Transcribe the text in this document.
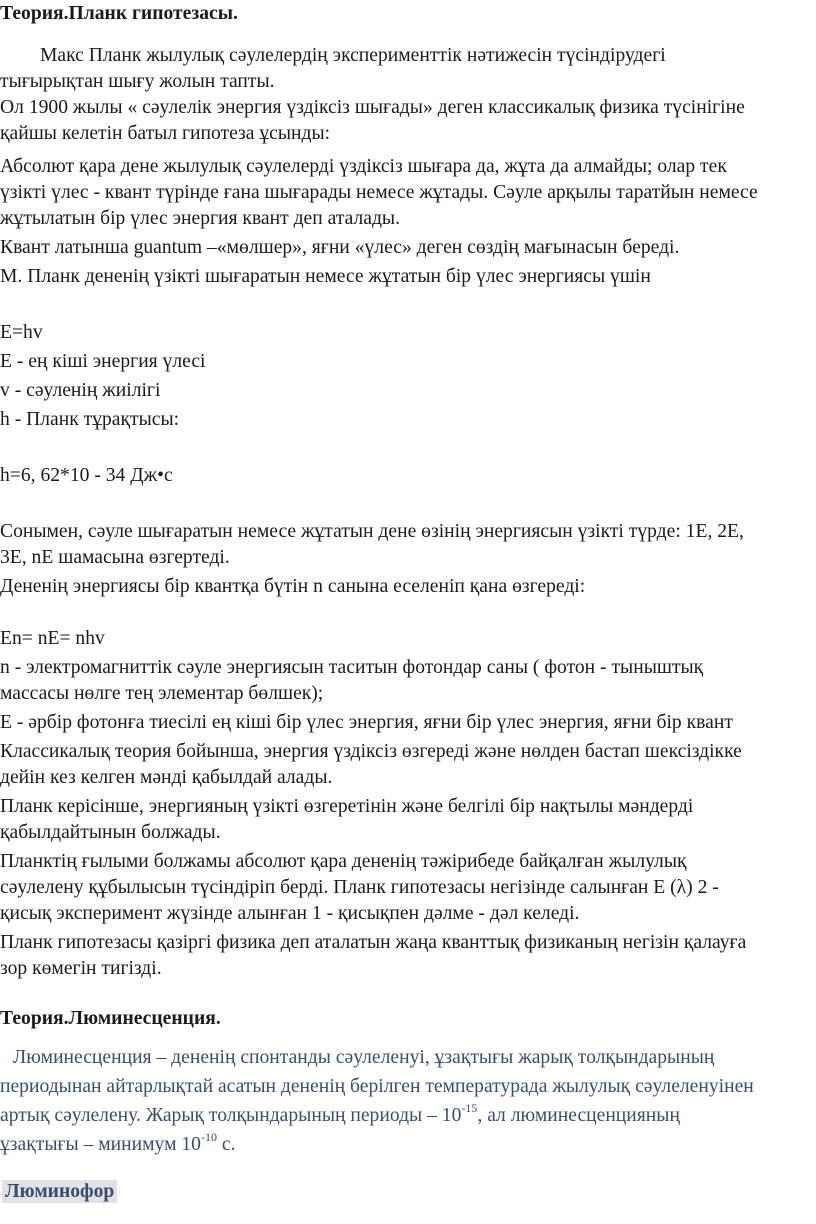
Теория.Планк гипотезасы.
Макс Планк жылулық сәулелердің эксперименттік нәтижесін түсіндірудегі
тығырықтан шығу жолын тапты.
Ол 1900 жылы « сәулелік энергия үздіксіз шығады» деген классикалық физика түсінігіне
қайшы келетін батыл гипотеза ұсынды:
Абсолют қара дене жылулық сәулелерді үздіксіз шығара да, жұта да алмайды; олар тек
үзікті үлес - квант түрінде ғана шығарады немесе жұтады. Сәуле арқылы таратйын немесе
жұтылатын бір үлес энергия квант деп аталады.
Квант латынша guantum –«мөлшер», яғни «үлес» деген сөздің мағынасын береді.
М. Планк дененің үзікті шығаратын немесе жұтатын бір үлес энергиясы үшін
E=hv
E - ең кіші энергия үлесі
v - сәуленің жиілігі
h - Планк тұрақтысы:
h=6, 62*10 - 34 Дж•с
Сонымен, сәуле шығаратын немесе жұтатын дене өзінің энергиясын үзікті түрде: 1E, 2E,
3E, nE шамасына өзгертеді.
Дененің энергиясы бір квантқа бүтін n санына еселеніп қана өзгереді:
En= nE= nhv
n - электромагниттік сәуле энергиясын таситын фотондар саны ( фотон - тыныштық
массасы нөлге тең элементар бөлшек);
E - әрбір фотонға тиесілі ең кіші бір үлес энергия, яғни бір үлес энергия, яғни бір квант
Классикалық теория бойынша, энергия үздіксіз өзгереді және нөлден бастап шексіздікке
дейін кез келген мәнді қабылдай алады.
Планк керісінше, энергияның үзікті өзгеретінін және белгілі бір нақтылы мәндерді
қабылдайтынын болжады.
Планктің ғылыми болжамы абсолют қара дененің тәжірибеде байқалған жылулық
сәулелену құбылысын түсіндіріп берді. Планк гипотезасы негізінде салынған E (λ) 2 -
қисық эксперимент жүзінде алынған 1 - қисықпен дәлме - дәл келеді.
Планк гипотезасы қазіргі физика деп аталатын жаңа кванттық физиканың негізін қалауға
зор көмегін тигізді.
Теория.Люминесценция.
Люминесценция – дененің спонтанды сәулеленуі, ұзақтығы жарық толқындарының
периодынан айтарлықтай асатын дененің берілген температурада жылулық сәулеленуінен
артық сәулелену. Жарық толқындарының периоды – $10^{-15}$, ал люминесценцияның
ұзақтығы – минимум $10^{-10}$ с.
Люминофор
